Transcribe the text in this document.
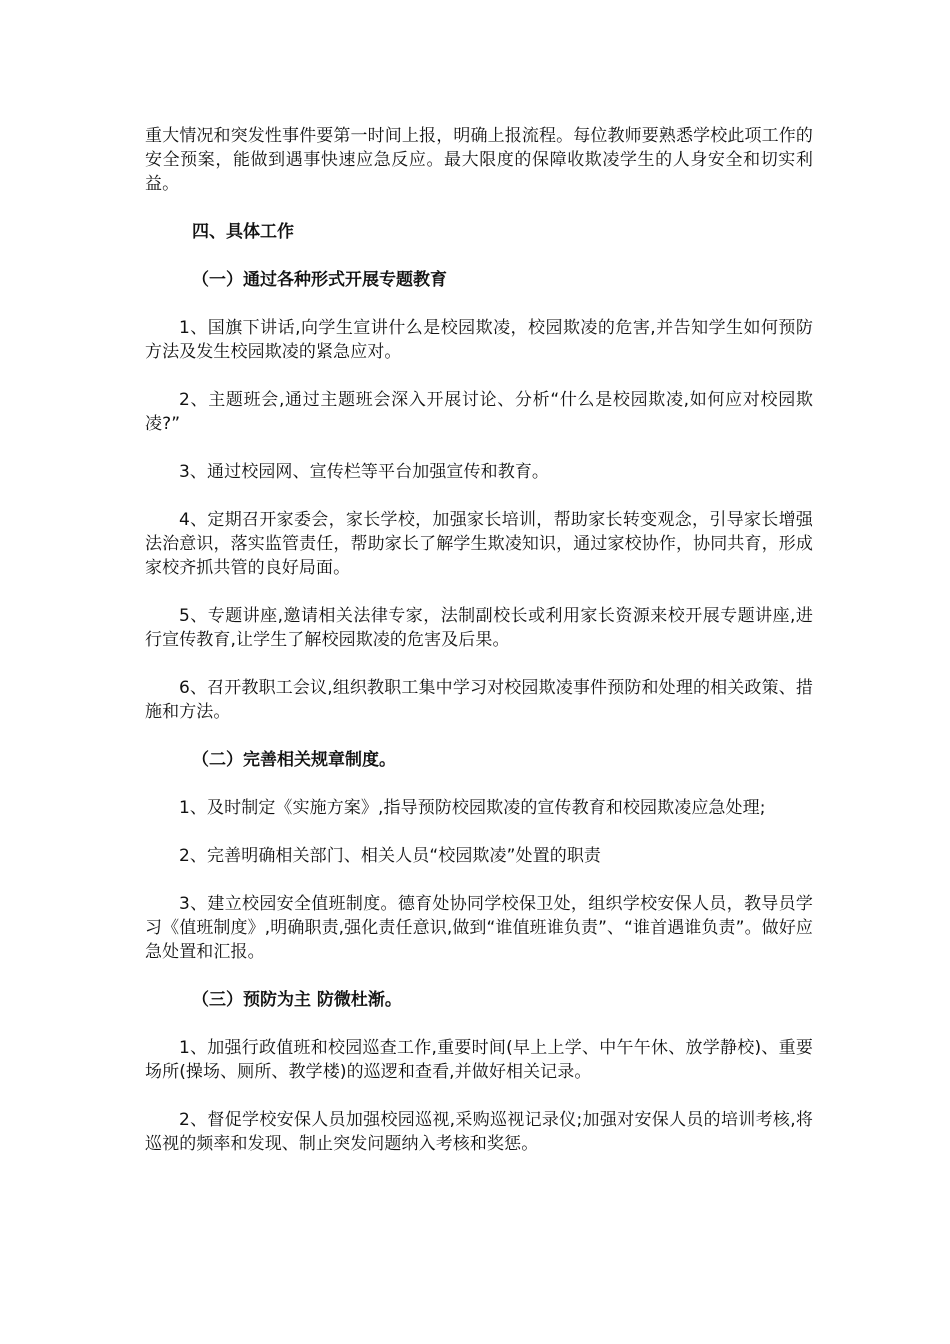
重大情况和突发性事件要第一时间上报，明确上报流程。每位教师要熟悉学校此项工作的安全预案，能做到遇事快速应急反应。最大限度的保障收欺凌学生的人身安全和切实利益。

四、具体工作

（一）通过各种形式开展专题教育

1、国旗下讲话,向学生宣讲什么是校园欺凌，校园欺凌的危害,并告知学生如何预防方法及发生校园欺凌的紧急应对。

2、主题班会,通过主题班会深入开展讨论、分析“什么是校园欺凌,如何应对校园欺凌?”

3、通过校园网、宣传栏等平台加强宣传和教育。

4、定期召开家委会，家长学校，加强家长培训，帮助家长转变观念，引导家长增强法治意识，落实监管责任，帮助家长了解学生欺凌知识，通过家校协作，协同共育，形成家校齐抓共管的良好局面。

5、专题讲座,邀请相关法律专家，法制副校长或利用家长资源来校开展专题讲座,进行宣传教育,让学生了解校园欺凌的危害及后果。

6、召开教职工会议,组织教职工集中学习对校园欺凌事件预防和处理的相关政策、措施和方法。

（二）完善相关规章制度。

1、及时制定《实施方案》,指导预防校园欺凌的宣传教育和校园欺凌应急处理;

2、完善明确相关部门、相关人员“校园欺凌”处置的职责

3、建立校园安全值班制度。德育处协同学校保卫处，组织学校安保人员，教导员学习《值班制度》,明确职责,强化责任意识,做到“谁值班谁负责”、“谁首遇谁负责”。做好应急处置和汇报。

（三）预防为主 防微杜渐。

1、加强行政值班和校园巡查工作,重要时间(早上上学、中午午休、放学静校)、重要场所(操场、厕所、教学楼)的巡逻和查看,并做好相关记录。

2、督促学校安保人员加强校园巡视,采购巡视记录仪;加强对安保人员的培训考核,将巡视的频率和发现、制止突发问题纳入考核和奖惩。
